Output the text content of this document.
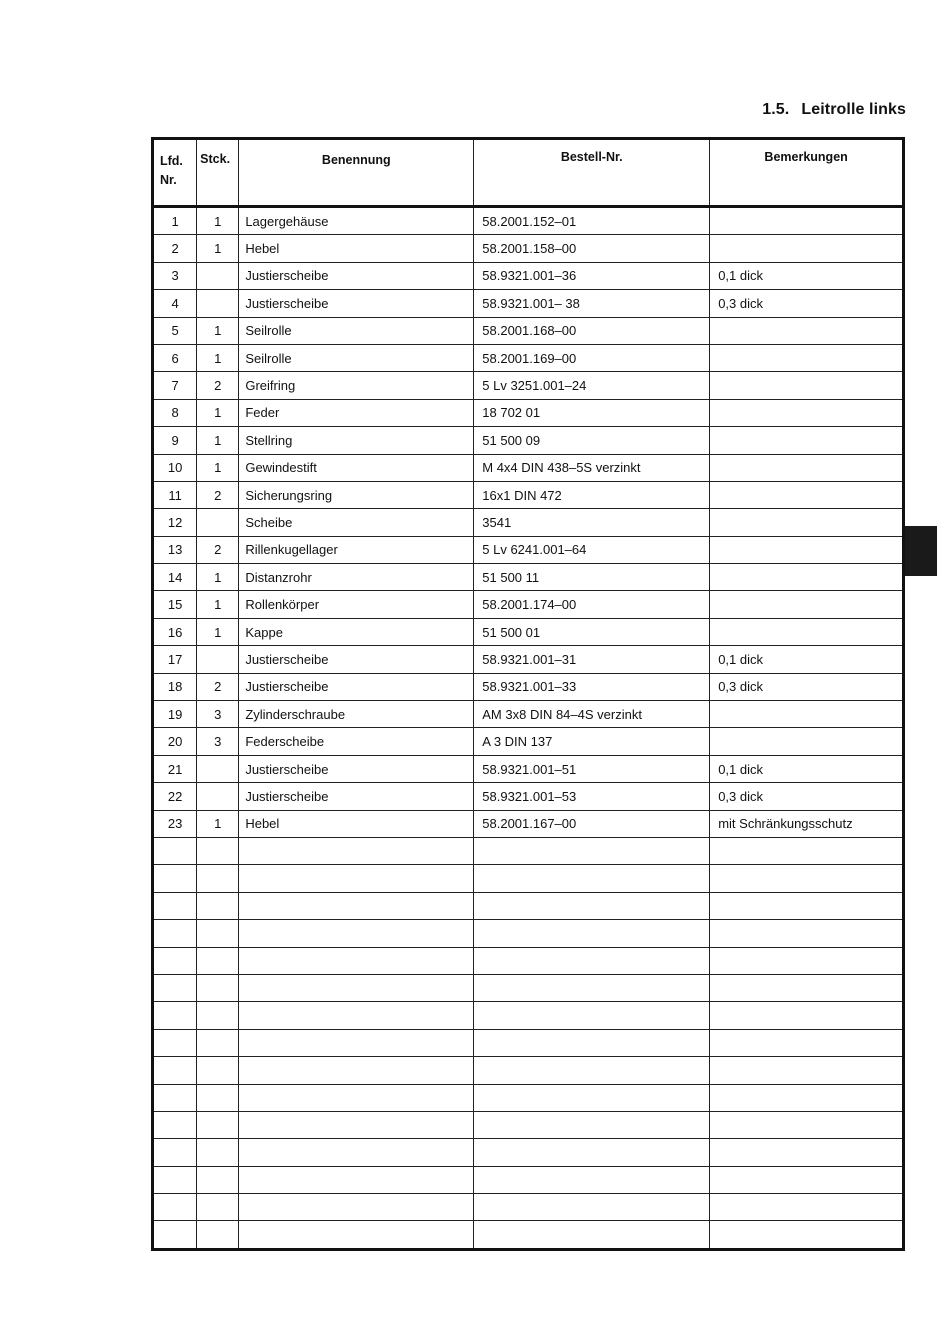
1.5. Leitrolle links
Lfd.
Nr.	Stck.	Benennung	Bestell-Nr.	Bemerkungen
1	1	Lagergehäuse	58.2001.152–01	
2	1	Hebel	58.2001.158–00	
3		Justierscheibe	58.9321.001–36	0,1 dick
4		Justierscheibe	58.9321.001– 38	0,3 dick
5	1	Seilrolle	58.2001.168–00	
6	1	Seilrolle	58.2001.169–00	
7	2	Greifring	5 Lv 3251.001–24	
8	1	Feder	18 702 01	
9	1	Stellring	51 500 09	
10	1	Gewindestift	M 4x4 DIN 438–5S verzinkt	
11	2	Sicherungsring	16x1 DIN 472	
12		Scheibe	3541	
13	2	Rillenkugellager	5 Lv 6241.001–64	
14	1	Distanzrohr	51 500 11	
15	1	Rollenkörper	58.2001.174–00	
16	1	Kappe	51 500 01	
17		Justierscheibe	58.9321.001–31	0,1 dick
18	2	Justierscheibe	58.9321.001–33	0,3 dick
19	3	Zylinderschraube	AM 3x8 DIN 84–4S verzinkt	
20	3	Federscheibe	A 3 DIN 137	
21		Justierscheibe	58.9321.001–51	0,1 dick
22		Justierscheibe	58.9321.001–53	0,3 dick
23	1	Hebel	58.2001.167–00	mit Schränkungsschutz
